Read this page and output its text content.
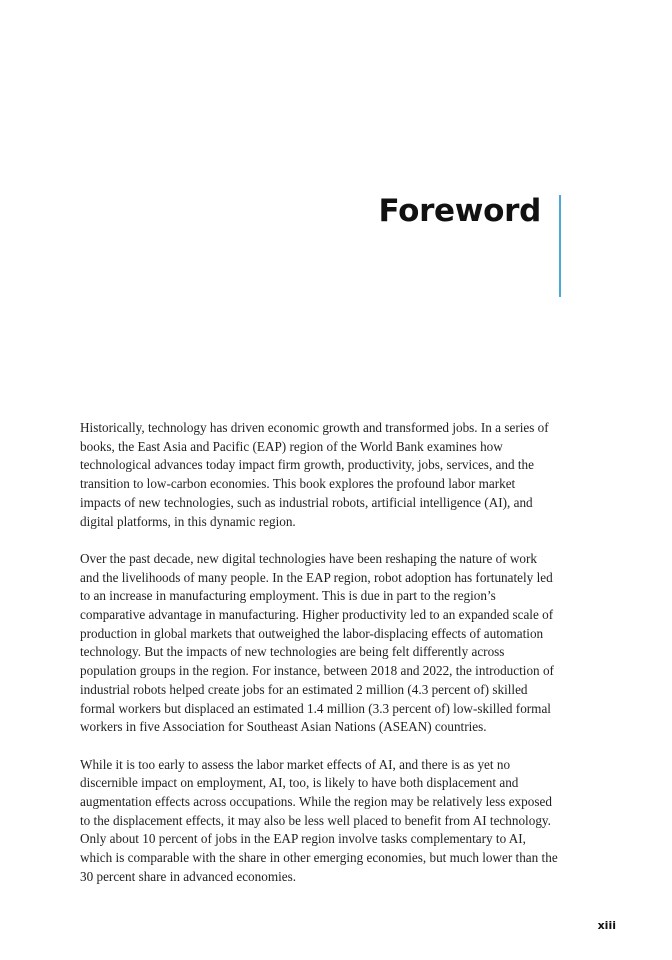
Foreword

Historically, technology has driven economic growth and transformed jobs. In a series of books, the East Asia and Pacific (EAP) region of the World Bank examines how technological advances today impact firm growth, productivity, jobs, services, and the transition to low-carbon economies. This book explores the profound labor market impacts of new technologies, such as industrial robots, artificial intelligence (AI), and digital platforms, in this dynamic region.

Over the past decade, new digital technologies have been reshaping the nature of work and the livelihoods of many people. In the EAP region, robot adoption has fortunately led to an increase in manufacturing employment. This is due in part to the region’s comparative advantage in manufacturing. Higher productivity led to an expanded scale of production in global markets that outweighed the labor-displacing effects of automation technology. But the impacts of new technologies are being felt differently across population groups in the region. For instance, between 2018 and 2022, the introduction of industrial robots helped create jobs for an estimated 2 million (4.3 percent of) skilled formal workers but displaced an estimated 1.4 million (3.3 percent of) low-skilled formal workers in five Association for Southeast Asian Nations (ASEAN) countries.

While it is too early to assess the labor market effects of AI, and there is as yet no discernible impact on employment, AI, too, is likely to have both displacement and augmentation effects across occupations. While the region may be relatively less exposed to the displacement effects, it may also be less well placed to benefit from AI technology. Only about 10 percent of jobs in the EAP region involve tasks complementary to AI, which is comparable with the share in other emerging economies, but much lower than the 30 percent share in advanced economies.

xiii
